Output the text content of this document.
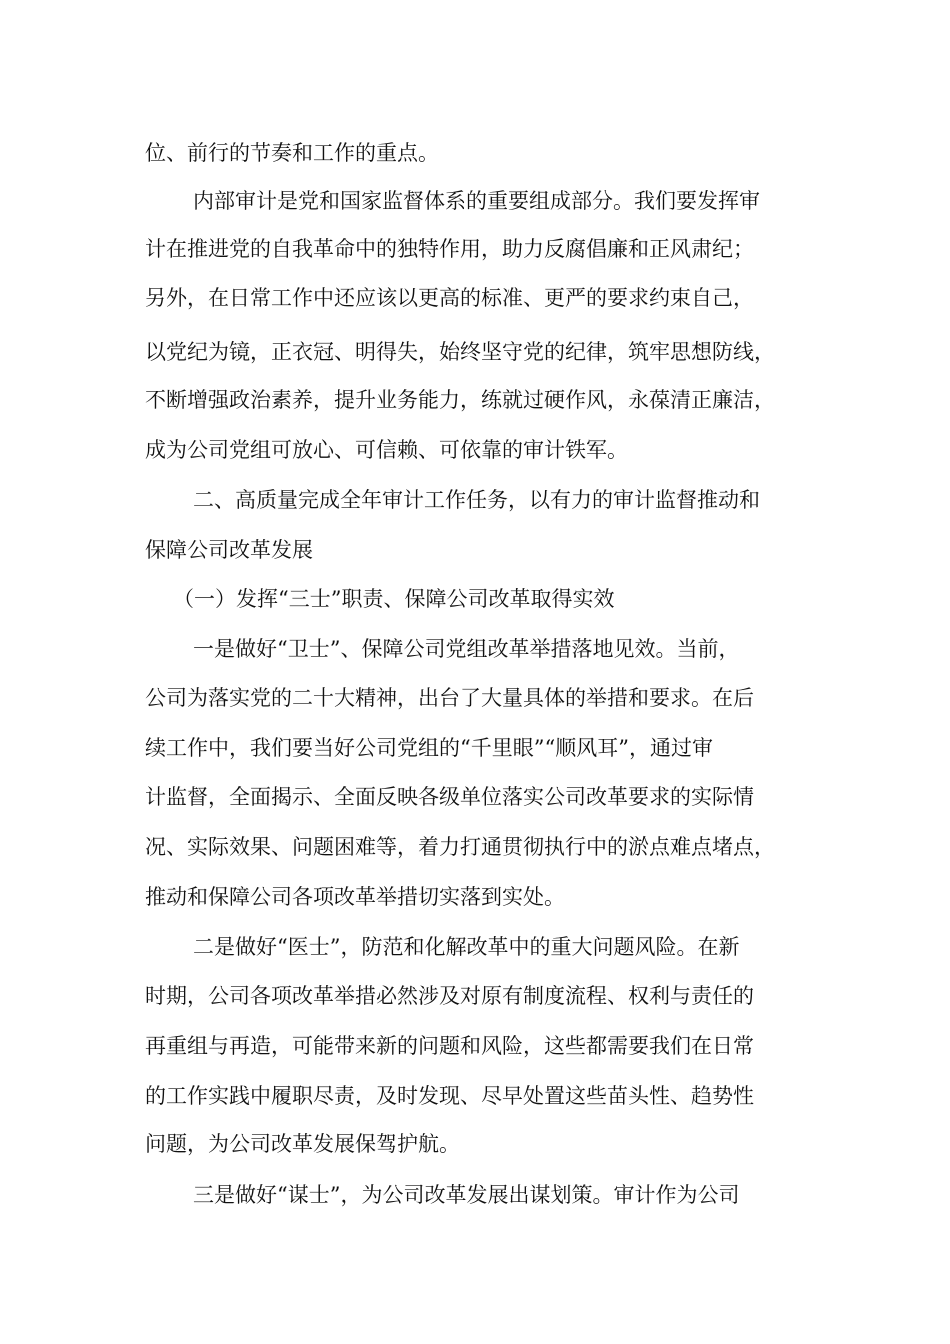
位、前行的节奏和工作的重点。
内部审计是党和国家监督体系的重要组成部分。我们要发挥审
计在推进党的自我革命中的独特作用，助力反腐倡廉和正风肃纪；
另外，在日常工作中还应该以更高的标准、更严的要求约束自己，
以党纪为镜，正衣冠、明得失，始终坚守党的纪律，筑牢思想防线，
不断增强政治素养，提升业务能力，练就过硬作风，永葆清正廉洁，
成为公司党组可放心、可信赖、可依靠的审计铁军。
二、高质量完成全年审计工作任务，以有力的审计监督推动和
保障公司改革发展
（一）发挥“三士”职责、保障公司改革取得实效
一是做好“卫士”、保障公司党组改革举措落地见效。当前，
公司为落实党的二十大精神，出台了大量具体的举措和要求。在后
续工作中，我们要当好公司党组的“千里眼”“顺风耳”，通过审
计监督，全面揭示、全面反映各级单位落实公司改革要求的实际情
况、实际效果、问题困难等，着力打通贯彻执行中的淤点难点堵点，
推动和保障公司各项改革举措切实落到实处。
二是做好“医士”，防范和化解改革中的重大问题风险。在新
时期，公司各项改革举措必然涉及对原有制度流程、权利与责任的
再重组与再造，可能带来新的问题和风险，这些都需要我们在日常
的工作实践中履职尽责，及时发现、尽早处置这些苗头性、趋势性
问题，为公司改革发展保驾护航。
三是做好“谋士”，为公司改革发展出谋划策。审计作为公司
